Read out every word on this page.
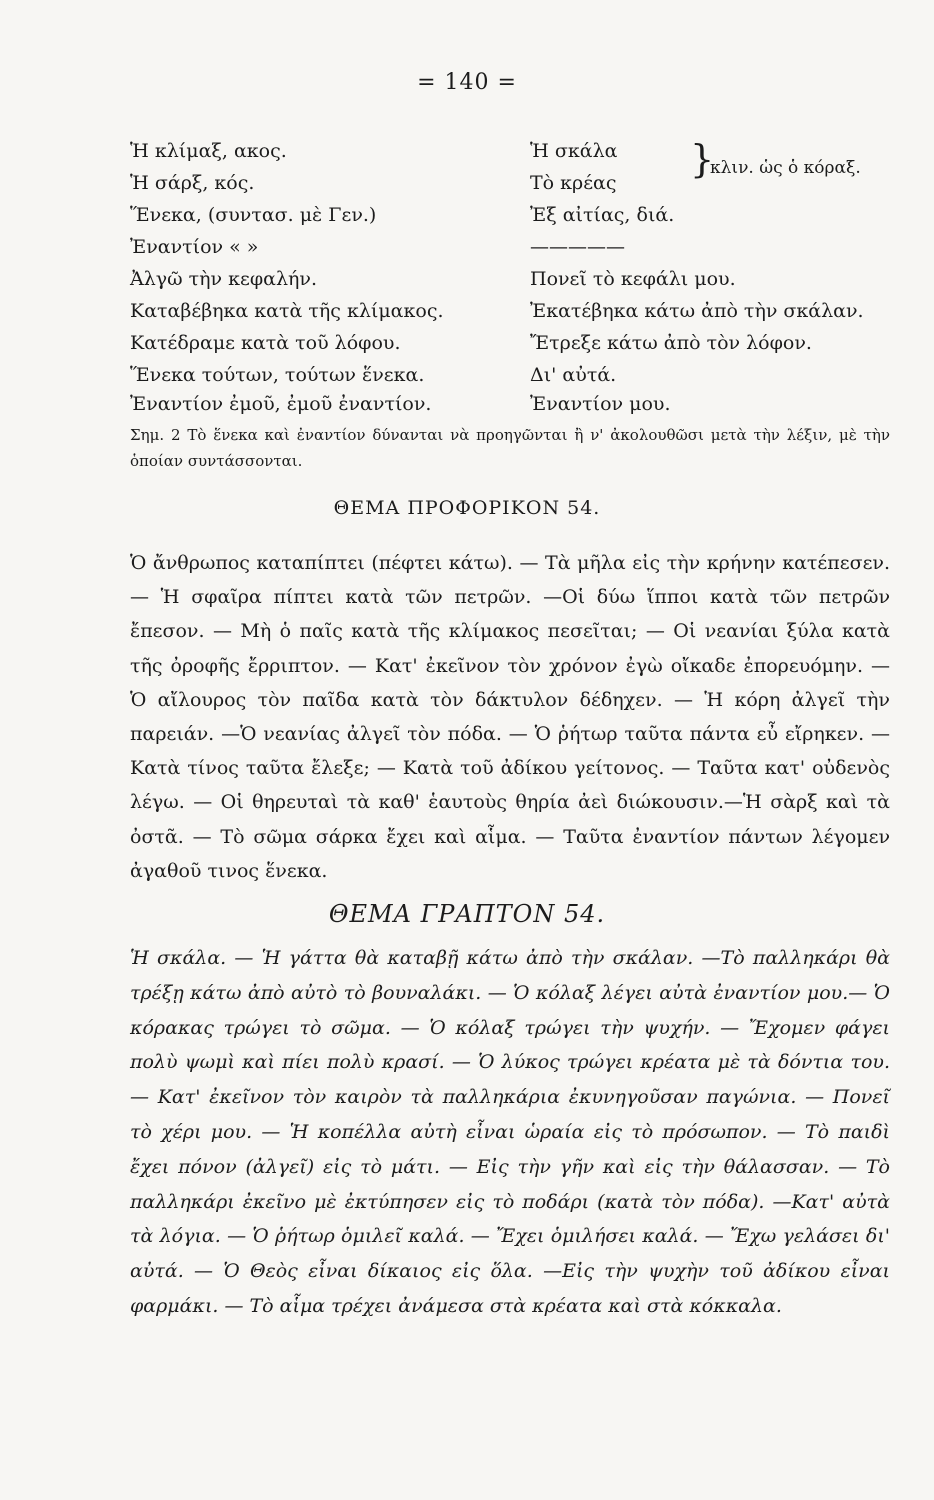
= 140 =
Ἡ κλίμαξ, ακος.	Ἡ σκάλα
Ἡ σάρξ, κός.	Τὸ κρέας
Ἕνεκα, (συντασ. μὲ Γεν.)	Ἐξ αἰτίας, διά.
Ἐναντίον « »	—————
Ἀλγῶ τὴν κεφαλήν.	Πονεῖ τὸ κεφάλι μου.
Καταβέβηκα κατὰ τῆς κλίμακος.	Ἐκατέβηκα κάτω ἀπὸ τὴν σκάλαν.
Κατέδραμε κατὰ τοῦ λόφου.	Ἔτρεξε κάτω ἀπὸ τὸν λόφον.
Ἕνεκα τούτων, τούτων ἕνεκα.	Δι' αὐτά.
Ἐναντίον ἐμοῦ, ἐμοῦ ἐναντίον.	Ἐναντίον μου.
}
κλιν. ὡς ὁ κόραξ.
Σημ. 2 Τὸ ἕνεκα καὶ ἐναντίον δύνανται νὰ προηγῶνται ἢ ν' ἀκολουθῶσι μετὰ τὴν λέξιν, μὲ τὴν ὁποίαν συντάσσονται.
ΘΕΜΑ ΠΡΟΦΟΡΙΚΟΝ 54.
Ὁ ἄνθρωπος καταπίπτει (πέφτει κάτω). — Τὰ μῆλα εἰς τὴν κρήνην κατέπεσεν. — Ἡ σφαῖρα πίπτει κατὰ τῶν πετρῶν. —Οἱ δύω ἵπποι κατὰ τῶν πετρῶν ἔπεσον. — Μὴ ὁ παῖς κατὰ τῆς κλίμακος πεσεῖται; — Οἱ νεανίαι ξύλα κατὰ τῆς ὀροφῆς ἔρριπτον. — Κατ' ἐκεῖνον τὸν χρόνον ἐγὼ οἴκαδε ἐπορευόμην. — Ὁ αἴλουρος τὸν παῖδα κατὰ τὸν δάκτυλον δέδηχεν. — Ἡ κόρη ἀλγεῖ τὴν παρειάν. —Ὁ νεανίας ἀλγεῖ τὸν πόδα. — Ὁ ῥήτωρ ταῦτα πάντα εὖ εἴρηκεν. — Κατὰ τίνος ταῦτα ἔλεξε; — Κατὰ τοῦ ἀδίκου γείτονος. — Ταῦτα κατ' οὐδενὸς λέγω. — Οἱ θηρευταὶ τὰ καθ' ἑαυτοὺς θηρία ἀεὶ διώκουσιν.—Ἡ σὰρξ καὶ τὰ ὀστᾶ. — Τὸ σῶμα σάρκα ἔχει καὶ αἷμα. — Ταῦτα ἐναντίον πάντων λέγομεν ἀγαθοῦ τινος ἕνεκα.
ΘΕΜΑ ΓΡΑΠΤΟΝ 54.
Ἡ σκάλα. — Ἡ γάττα θὰ καταβῇ κάτω ἀπὸ τὴν σκάλαν. —Τὸ παλληκάρι θὰ τρέξῃ κάτω ἀπὸ αὐτὸ τὸ βουναλάκι. — Ὁ κόλαξ λέγει αὐτὰ ἐναντίον μου.— Ὁ κόρακας τρώγει τὸ σῶμα. — Ὁ κόλαξ τρώγει τὴν ψυχήν. — Ἔχομεν φάγει πολὺ ψωμὶ καὶ πίει πολὺ κρασί. — Ὁ λύκος τρώγει κρέατα μὲ τὰ δόντια του. — Κατ' ἐκεῖνον τὸν καιρὸν τὰ παλληκάρια ἐκυνηγοῦσαν παγώνια. — Πονεῖ τὸ χέρι μου. — Ἡ κοπέλλα αὐτὴ εἶναι ὡραία εἰς τὸ πρόσωπον. — Τὸ παιδὶ ἔχει πόνον (ἀλγεῖ) εἰς τὸ μάτι. — Εἰς τὴν γῆν καὶ εἰς τὴν θάλασσαν. — Τὸ παλληκάρι ἐκεῖνο μὲ ἐκτύπησεν εἰς τὸ ποδάρι (κατὰ τὸν πόδα). —Κατ' αὐτὰ τὰ λόγια. — Ὁ ῥήτωρ ὁμιλεῖ καλά. — Ἔχει ὁμιλήσει καλά. — Ἔχω γελάσει δι' αὐτά. — Ὁ Θεὸς εἶναι δίκαιος εἰς ὅλα. —Εἰς τὴν ψυχὴν τοῦ ἀδίκου εἶναι φαρμάκι. — Τὸ αἷμα τρέχει ἀνάμεσα στὰ κρέατα καὶ στὰ κόκκαλα.
